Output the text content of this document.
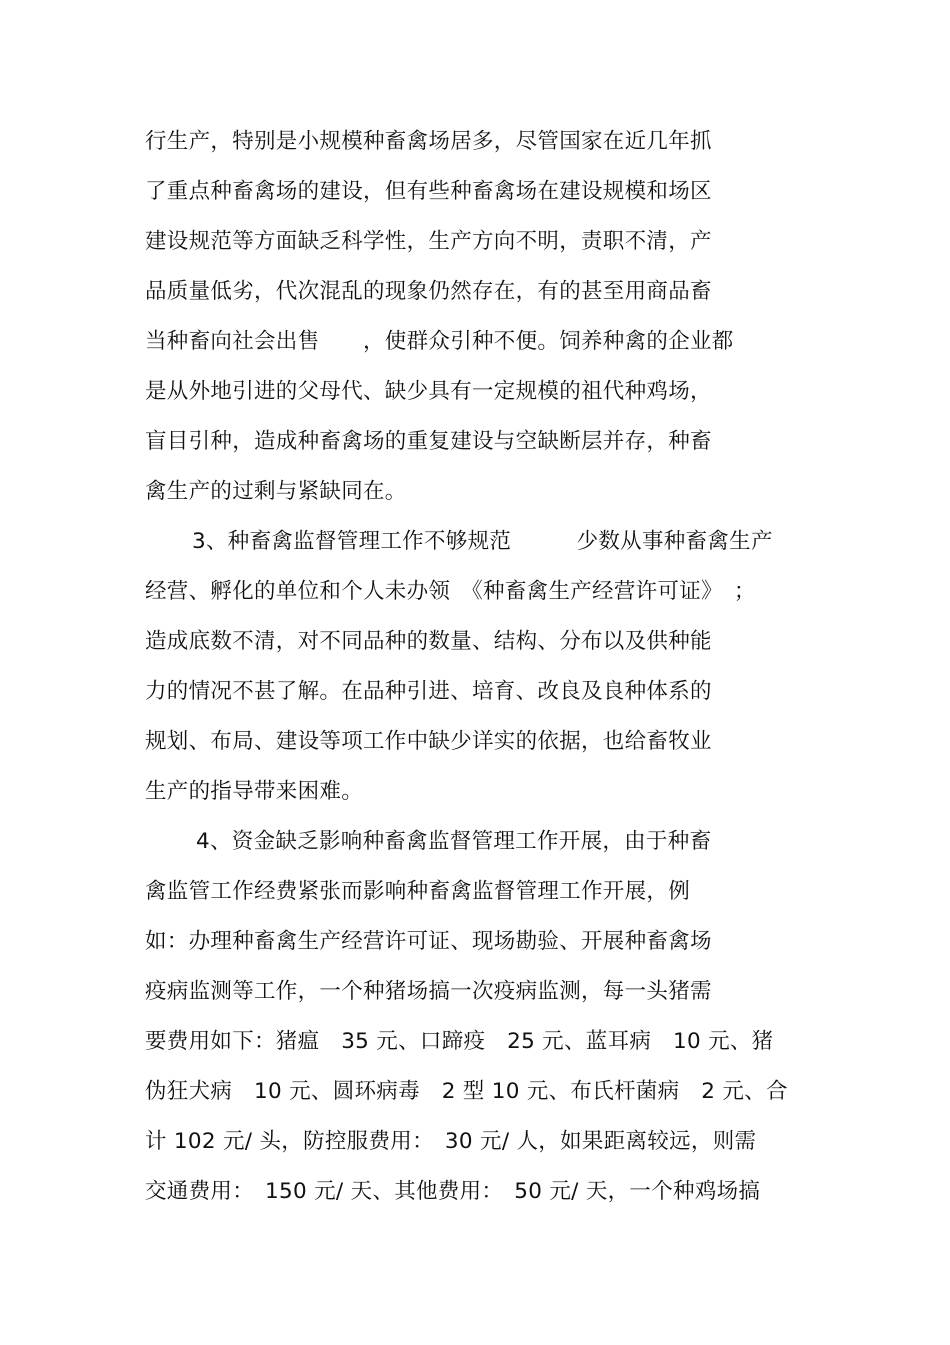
行生产，特别是小规模种畜禽场居多，尽管国家在近几年抓
了重点种畜禽场的建设，但有些种畜禽场在建设规模和场区
建设规范等方面缺乏科学性，生产方向不明，责职不清，产
品质量低劣，代次混乱的现象仍然存在，有的甚至用商品畜
当种畜向社会出售　　，使群众引种不便。饲养种禽的企业都
是从外地引进的父母代、缺少具有一定规模的祖代种鸡场，
盲目引种，造成种畜禽场的重复建设与空缺断层并存，种畜
禽生产的过剩与紧缺同在。
3、种畜禽监督管理工作不够规范　　　少数从事种畜禽生产
经营、孵化的单位和个人未办领　《种畜禽生产经营许可证》　；
造成底数不清，对不同品种的数量、结构、分布以及供种能
力的情况不甚了解。在品种引进、培育、改良及良种体系的
规划、布局、建设等项工作中缺少详实的依据，也给畜牧业
生产的指导带来困难。
4、资金缺乏影响种畜禽监督管理工作开展，由于种畜
禽监管工作经费紧张而影响种畜禽监督管理工作开展，例
如：办理种畜禽生产经营许可证、现场勘验、开展种畜禽场
疫病监测等工作，一个种猪场搞一次疫病监测，每一头猪需
要费用如下：猪瘟　35 元、口蹄疫　25 元、蓝耳病　10 元、猪
伪狂犬病　10 元、圆环病毒　2 型 10 元、布氏杆菌病　2 元、合
计 102 元/ 头，防控服费用：　30 元/ 人，如果距离较远，则需
交通费用：　150 元/ 天、其他费用：　50 元/ 天，一个种鸡场搞
